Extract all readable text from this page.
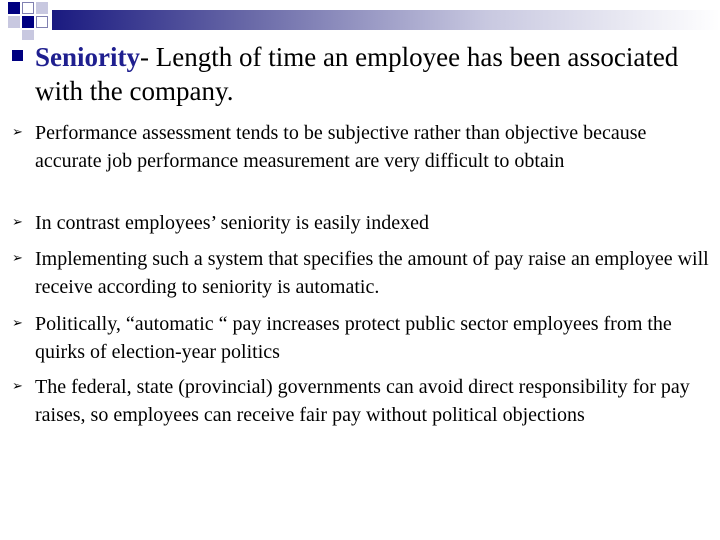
Seniority- Length of time an employee has been associated with the company.
➢ Performance assessment tends to be subjective rather than objective because accurate job performance measurement are very difficult to obtain
➢ In contrast employees’ seniority is easily indexed
➢ Implementing such a system that specifies the amount of pay raise an employee will receive according to seniority is automatic.
➢ Politically, “automatic “ pay increases protect public sector employees from the quirks of election-year politics
➢ The federal, state (provincial) governments can avoid direct responsibility for pay raises, so employees can receive fair pay without political objections
